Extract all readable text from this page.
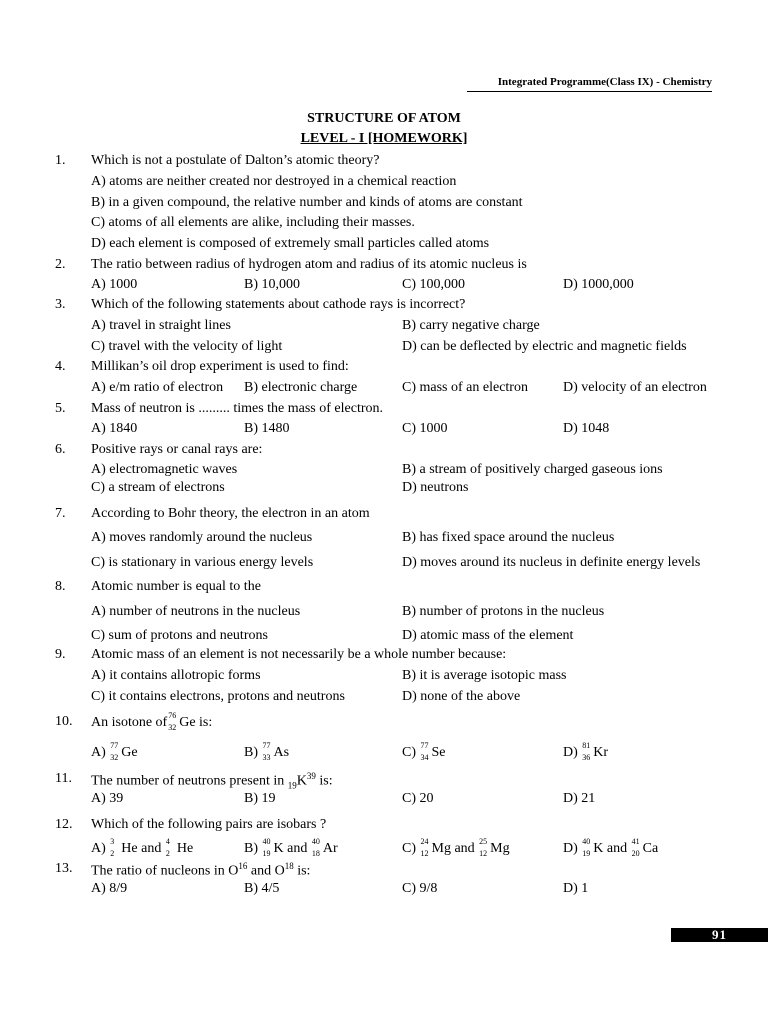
Integrated Programme(Class IX) - Chemistry
STRUCTURE OF ATOM
LEVEL - I [HOMEWORK]
1. Which is not a postulate of Dalton’s atomic theory?
A) atoms are neither created nor destroyed in a chemical reaction
B) in a given compound, the relative number and kinds of atoms are constant
C) atoms of all elements are alike, including their masses.
D) each element is composed of extremely small particles called atoms
2. The ratio between radius of hydrogen atom and radius of its atomic nucleus is
A) 1000	B) 10,000	C) 100,000	D) 1000,000
3. Which of the following statements about cathode rays is incorrect?
A) travel in straight lines	B) carry negative charge
C) travel with the velocity of light	D) can be deflected by electric and magnetic fields
4. Millikan’s oil drop experiment is used to find:
A) e/m ratio of electron B) electronic charge	C) mass of an electron	D) velocity of an electron
5. Mass of neutron is ......... times the mass of electron.
A) 1840	B) 1480	C) 1000	D) 1048
6. Positive rays or canal rays are:
A) electromagnetic waves	B) a stream of positively charged gaseous ions
C) a stream of electrons	D) neutrons
7. According to Bohr theory, the electron in an atom
A) moves randomly around the nucleus	B) has fixed space around the nucleus
C) is stationary in various energy levels	D) moves around its nucleus in definite energy levels
8. Atomic number is equal to the
A) number of neutrons in the nucleus	B) number of protons in the nucleus
C) sum of protons and neutrons	D) atomic mass of the element
9. Atomic mass of an element is not necessarily be a whole number because:
A) it contains allotropic forms	B) it is average isotopic mass
C) it contains electrons, protons and neutrons	D) none of the above
10. An isotone of 76
32 Ge is:
A) 77
32 Ge	B) 77
33 As	C) 77
34 Se	D) 81
36 Kr
11. The number of neutrons present in $_{19}K^{39}$ is:
A) 39	B) 19	C) 20	D) 21
12. Which of the following pairs are isobars ?
A) 3
2 He and 4
2 He	B) 40
19 K and 40
18 Ar	C) 24
12 Mg and 25
12 Mg	D) 40
19 K and 41
20 Ca
13. The ratio of nucleons in $O^{16}$ and $O^{18}$ is:
A) 8/9	B) 4/5	C) 9/8	D) 1
91
